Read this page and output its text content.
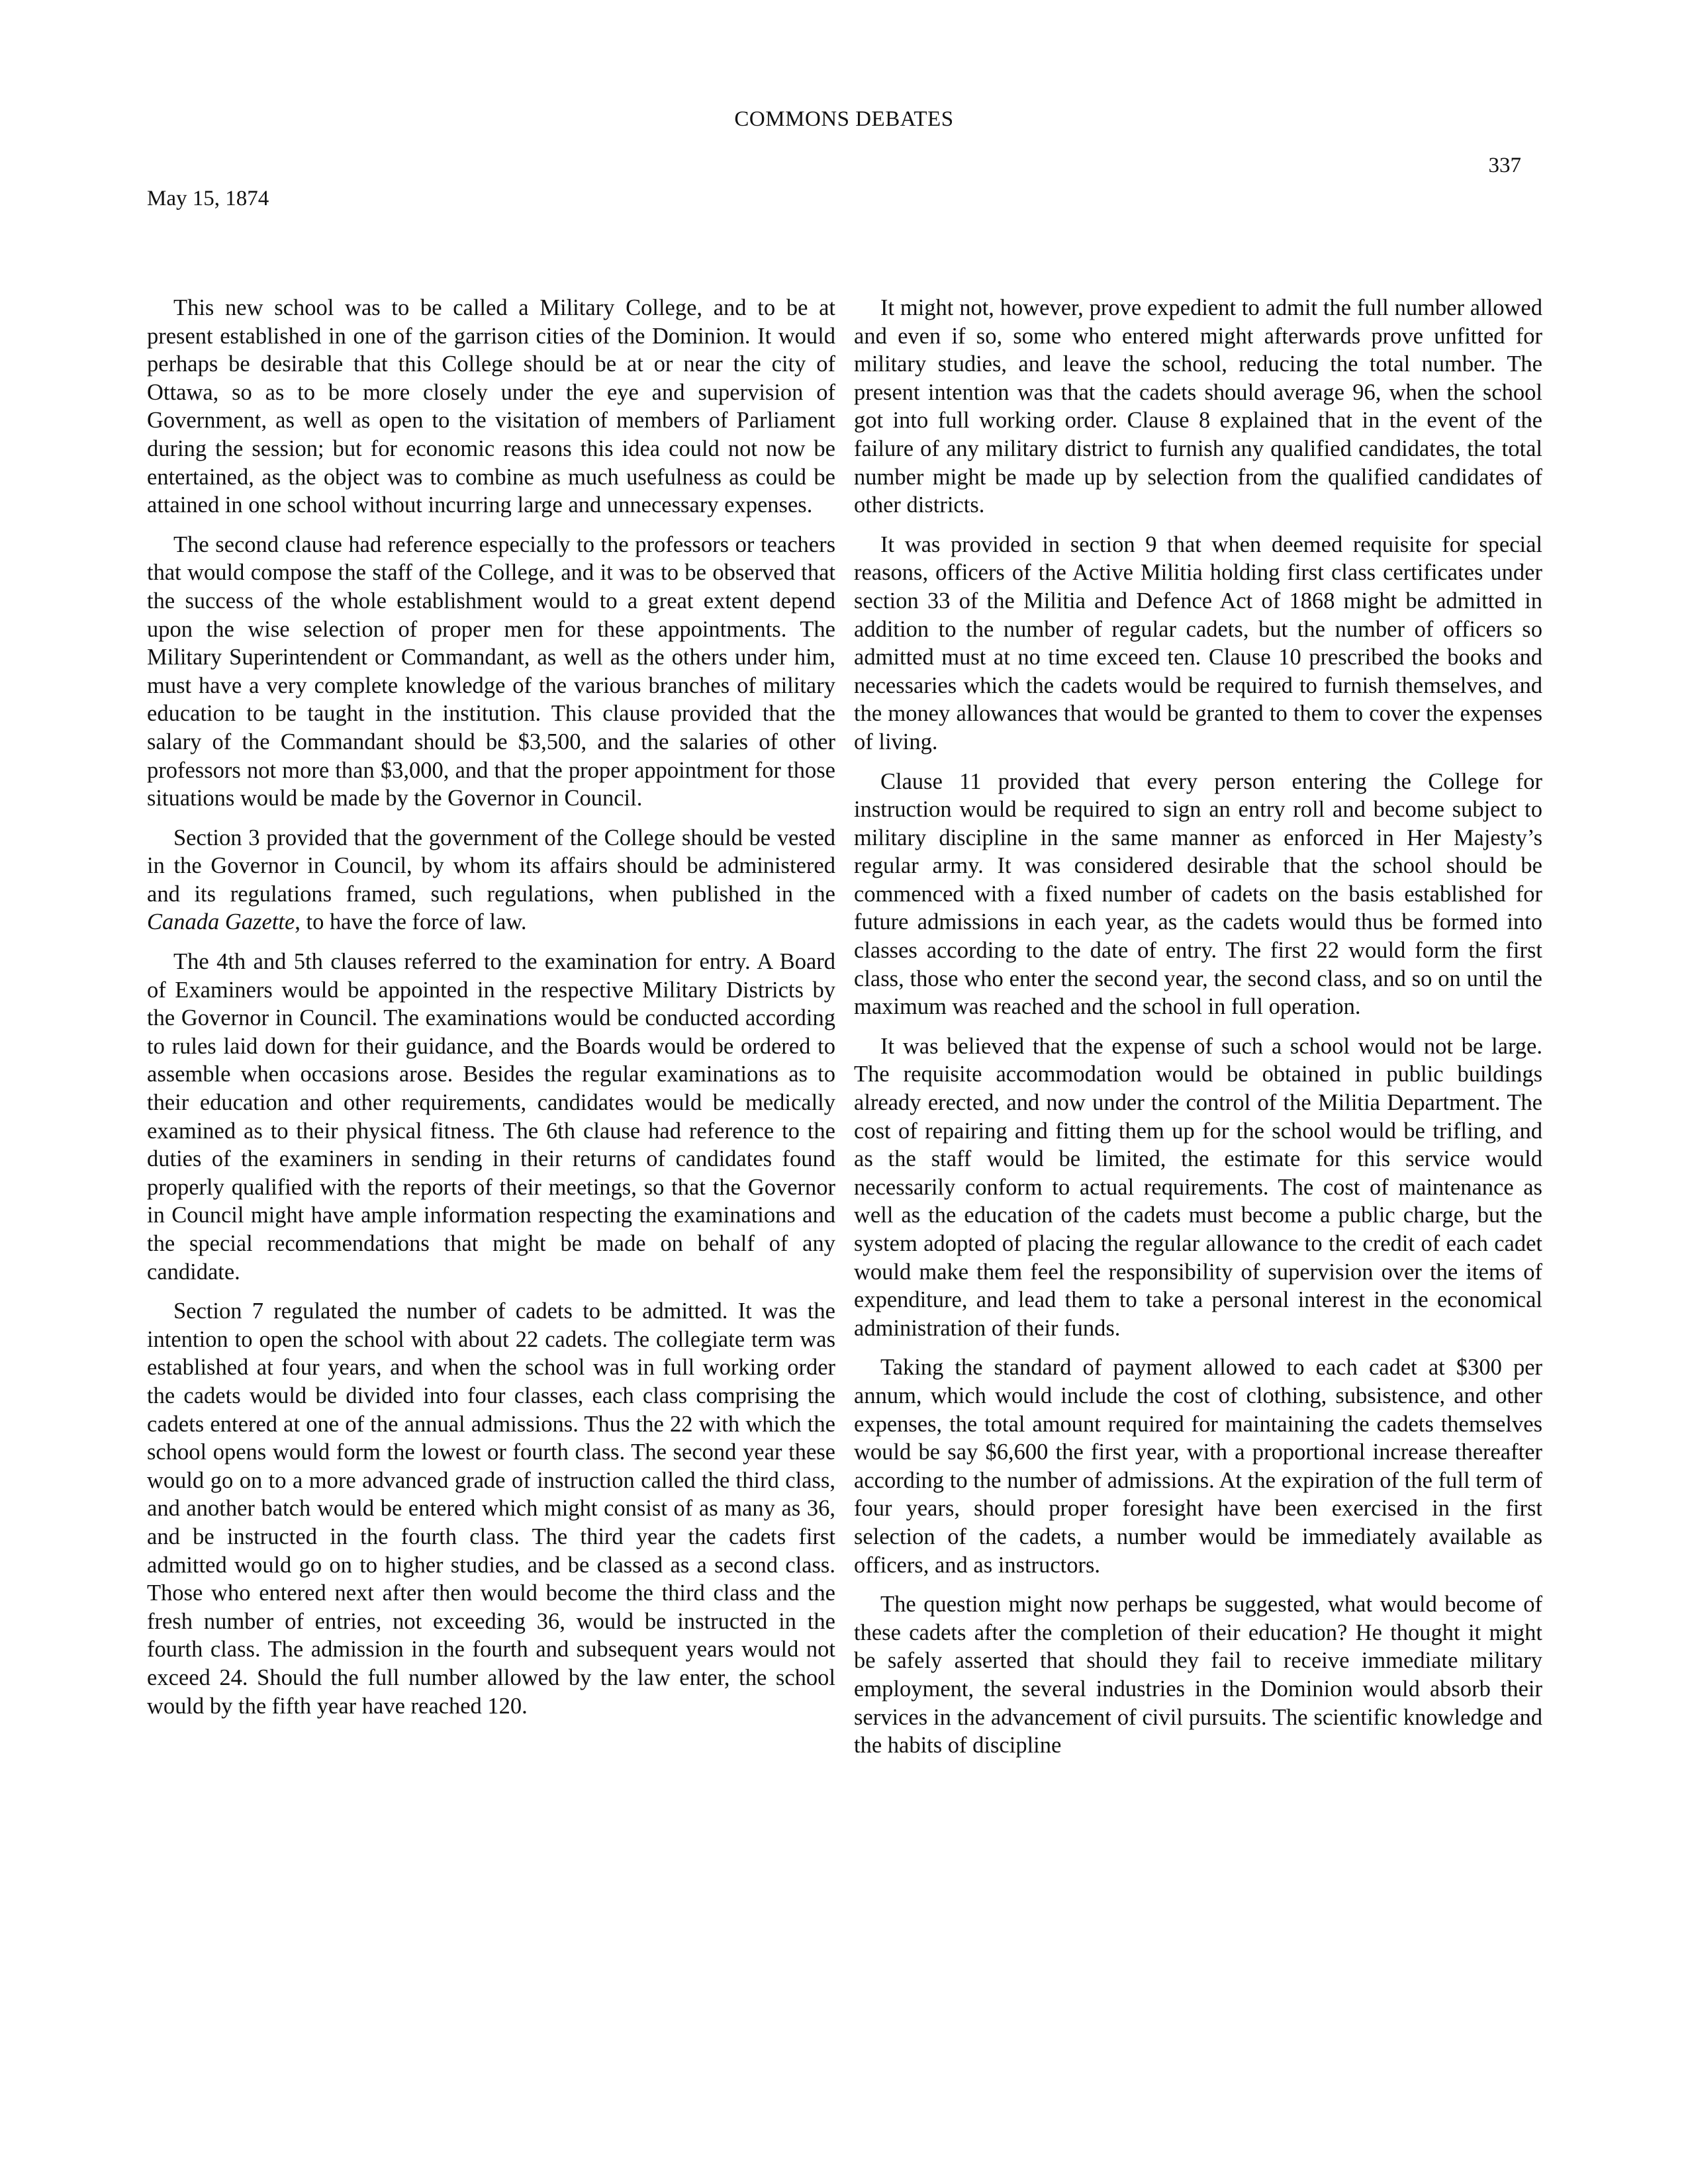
COMMONS DEBATES
337
May 15, 1874

This new school was to be called a Military College, and to be at present established in one of the garrison cities of the Dominion. It would perhaps be desirable that this College should be at or near the city of Ottawa, so as to be more closely under the eye and supervision of Government, as well as open to the visitation of members of Parliament during the session; but for economic reasons this idea could not now be entertained, as the object was to combine as much usefulness as could be attained in one school without incurring large and unnecessary expenses.

The second clause had reference especially to the professors or teachers that would compose the staff of the College, and it was to be observed that the success of the whole establishment would to a great extent depend upon the wise selection of proper men for these appointments. The Military Superintendent or Commandant, as well as the others under him, must have a very complete knowledge of the various branches of military education to be taught in the institution. This clause provided that the salary of the Commandant should be $3,500, and the salaries of other professors not more than $3,000, and that the proper appointment for those situations would be made by the Governor in Council.

Section 3 provided that the government of the College should be vested in the Governor in Council, by whom its affairs should be administered and its regulations framed, such regulations, when published in the Canada Gazette, to have the force of law.

The 4th and 5th clauses referred to the examination for entry. A Board of Examiners would be appointed in the respective Military Districts by the Governor in Council. The examinations would be conducted according to rules laid down for their guidance, and the Boards would be ordered to assemble when occasions arose. Besides the regular examinations as to their education and other requirements, candidates would be medically examined as to their physical fitness. The 6th clause had reference to the duties of the examiners in sending in their returns of candidates found properly qualified with the reports of their meetings, so that the Governor in Council might have ample information respecting the examinations and the special recommendations that might be made on behalf of any candidate.

Section 7 regulated the number of cadets to be admitted. It was the intention to open the school with about 22 cadets. The collegiate term was established at four years, and when the school was in full working order the cadets would be divided into four classes, each class comprising the cadets entered at one of the annual admissions. Thus the 22 with which the school opens would form the lowest or fourth class. The second year these would go on to a more advanced grade of instruction called the third class, and another batch would be entered which might consist of as many as 36, and be instructed in the fourth class. The third year the cadets first admitted would go on to higher studies, and be classed as a second class. Those who entered next after then would become the third class and the fresh number of entries, not exceeding 36, would be instructed in the fourth class. The admission in the fourth and subsequent years would not exceed 24. Should the full number allowed by the law enter, the school would by the fifth year have reached 120.

It might not, however, prove expedient to admit the full number allowed and even if so, some who entered might afterwards prove unfitted for military studies, and leave the school, reducing the total number. The present intention was that the cadets should average 96, when the school got into full working order. Clause 8 explained that in the event of the failure of any military district to furnish any qualified candidates, the total number might be made up by selection from the qualified candidates of other districts.

It was provided in section 9 that when deemed requisite for special reasons, officers of the Active Militia holding first class certificates under section 33 of the Militia and Defence Act of 1868 might be admitted in addition to the number of regular cadets, but the number of officers so admitted must at no time exceed ten. Clause 10 prescribed the books and necessaries which the cadets would be required to furnish themselves, and the money allowances that would be granted to them to cover the expenses of living.

Clause 11 provided that every person entering the College for instruction would be required to sign an entry roll and become subject to military discipline in the same manner as enforced in Her Majesty’s regular army. It was considered desirable that the school should be commenced with a fixed number of cadets on the basis established for future admissions in each year, as the cadets would thus be formed into classes according to the date of entry. The first 22 would form the first class, those who enter the second year, the second class, and so on until the maximum was reached and the school in full operation.

It was believed that the expense of such a school would not be large. The requisite accommodation would be obtained in public buildings already erected, and now under the control of the Militia Department. The cost of repairing and fitting them up for the school would be trifling, and as the staff would be limited, the estimate for this service would necessarily conform to actual requirements. The cost of maintenance as well as the education of the cadets must become a public charge, but the system adopted of placing the regular allowance to the credit of each cadet would make them feel the responsibility of supervision over the items of expenditure, and lead them to take a personal interest in the economical administration of their funds.

Taking the standard of payment allowed to each cadet at $300 per annum, which would include the cost of clothing, subsistence, and other expenses, the total amount required for maintaining the cadets themselves would be say $6,600 the first year, with a proportional increase thereafter according to the number of admissions. At the expiration of the full term of four years, should proper foresight have been exercised in the first selection of the cadets, a number would be immediately available as officers, and as instructors.

The question might now perhaps be suggested, what would become of these cadets after the completion of their education? He thought it might be safely asserted that should they fail to receive immediate military employment, the several industries in the Dominion would absorb their services in the advancement of civil pursuits. The scientific knowledge and the habits of discipline
